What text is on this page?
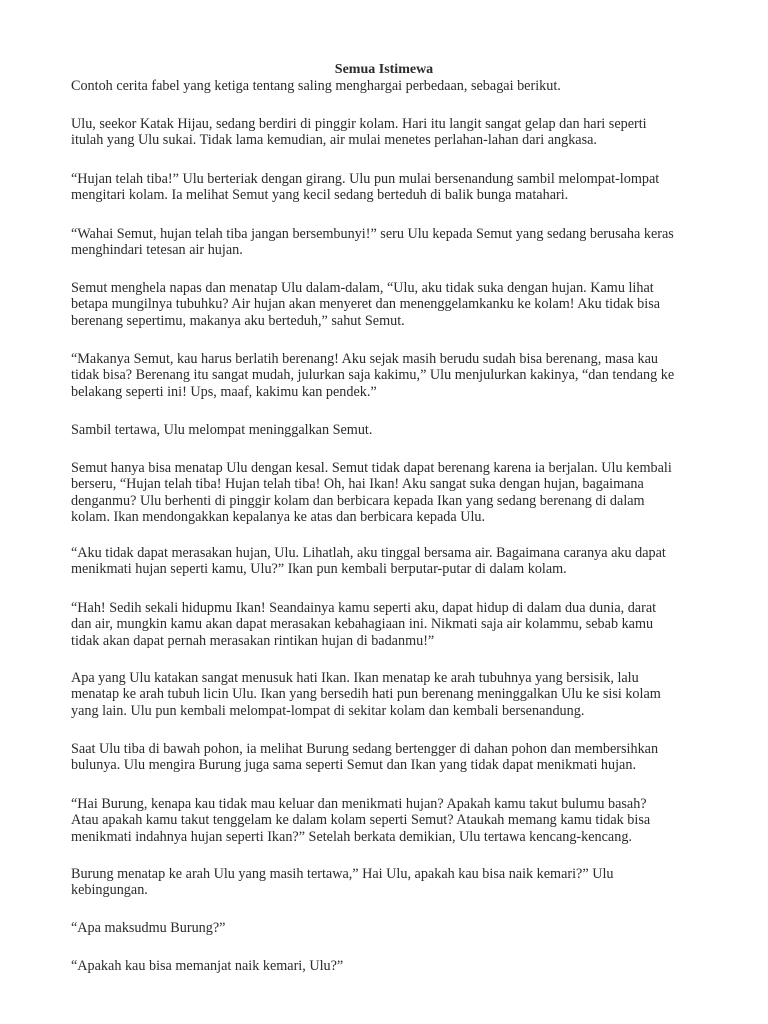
Semua Istimewa

Contoh cerita fabel yang ketiga tentang saling menghargai perbedaan, sebagai berikut.

Ulu, seekor Katak Hijau, sedang berdiri di pinggir kolam. Hari itu langit sangat gelap dan hari seperti
itulah yang Ulu sukai. Tidak lama kemudian, air mulai menetes perlahan-lahan dari angkasa.

“Hujan telah tiba!” Ulu berteriak dengan girang. Ulu pun mulai bersenandung sambil melompat-lompat
mengitari kolam. Ia melihat Semut yang kecil sedang berteduh di balik bunga matahari.

“Wahai Semut, hujan telah tiba jangan bersembunyi!” seru Ulu kepada Semut yang sedang berusaha keras
menghindari tetesan air hujan.

Semut menghela napas dan menatap Ulu dalam-dalam, “Ulu, aku tidak suka dengan hujan. Kamu lihat
betapa mungilnya tubuhku? Air hujan akan menyeret dan menenggelamkanku ke kolam! Aku tidak bisa
berenang sepertimu, makanya aku berteduh,” sahut Semut.

“Makanya Semut, kau harus berlatih berenang! Aku sejak masih berudu sudah bisa berenang, masa kau
tidak bisa? Berenang itu sangat mudah, julurkan saja kakimu,” Ulu menjulurkan kakinya, “dan tendang ke
belakang seperti ini! Ups, maaf, kakimu kan pendek.”

Sambil tertawa, Ulu melompat meninggalkan Semut.

Semut hanya bisa menatap Ulu dengan kesal. Semut tidak dapat berenang karena ia berjalan. Ulu kembali
berseru, “Hujan telah tiba! Hujan telah tiba! Oh, hai Ikan! Aku sangat suka dengan hujan, bagaimana
denganmu? Ulu berhenti di pinggir kolam dan berbicara kepada Ikan yang sedang berenang di dalam
kolam. Ikan mendongakkan kepalanya ke atas dan berbicara kepada Ulu.

“Aku tidak dapat merasakan hujan, Ulu. Lihatlah, aku tinggal bersama air. Bagaimana caranya aku dapat
menikmati hujan seperti kamu, Ulu?” Ikan pun kembali berputar-putar di dalam kolam.

“Hah! Sedih sekali hidupmu Ikan! Seandainya kamu seperti aku, dapat hidup di dalam dua dunia, darat
dan air, mungkin kamu akan dapat merasakan kebahagiaan ini. Nikmati saja air kolammu, sebab kamu
tidak akan dapat pernah merasakan rintikan hujan di badanmu!”

Apa yang Ulu katakan sangat menusuk hati Ikan. Ikan menatap ke arah tubuhnya yang bersisik, lalu
menatap ke arah tubuh licin Ulu. Ikan yang bersedih hati pun berenang meninggalkan Ulu ke sisi kolam
yang lain. Ulu pun kembali melompat-lompat di sekitar kolam dan kembali bersenandung.

Saat Ulu tiba di bawah pohon, ia melihat Burung sedang bertengger di dahan pohon dan membersihkan
bulunya. Ulu mengira Burung juga sama seperti Semut dan Ikan yang tidak dapat menikmati hujan.

“Hai Burung, kenapa kau tidak mau keluar dan menikmati hujan? Apakah kamu takut bulumu basah?
Atau apakah kamu takut tenggelam ke dalam kolam seperti Semut? Ataukah memang kamu tidak bisa
menikmati indahnya hujan seperti Ikan?” Setelah berkata demikian, Ulu tertawa kencang-kencang.

Burung menatap ke arah Ulu yang masih tertawa,” Hai Ulu, apakah kau bisa naik kemari?” Ulu
kebingungan.

“Apa maksudmu Burung?”

“Apakah kau bisa memanjat naik kemari, Ulu?”
